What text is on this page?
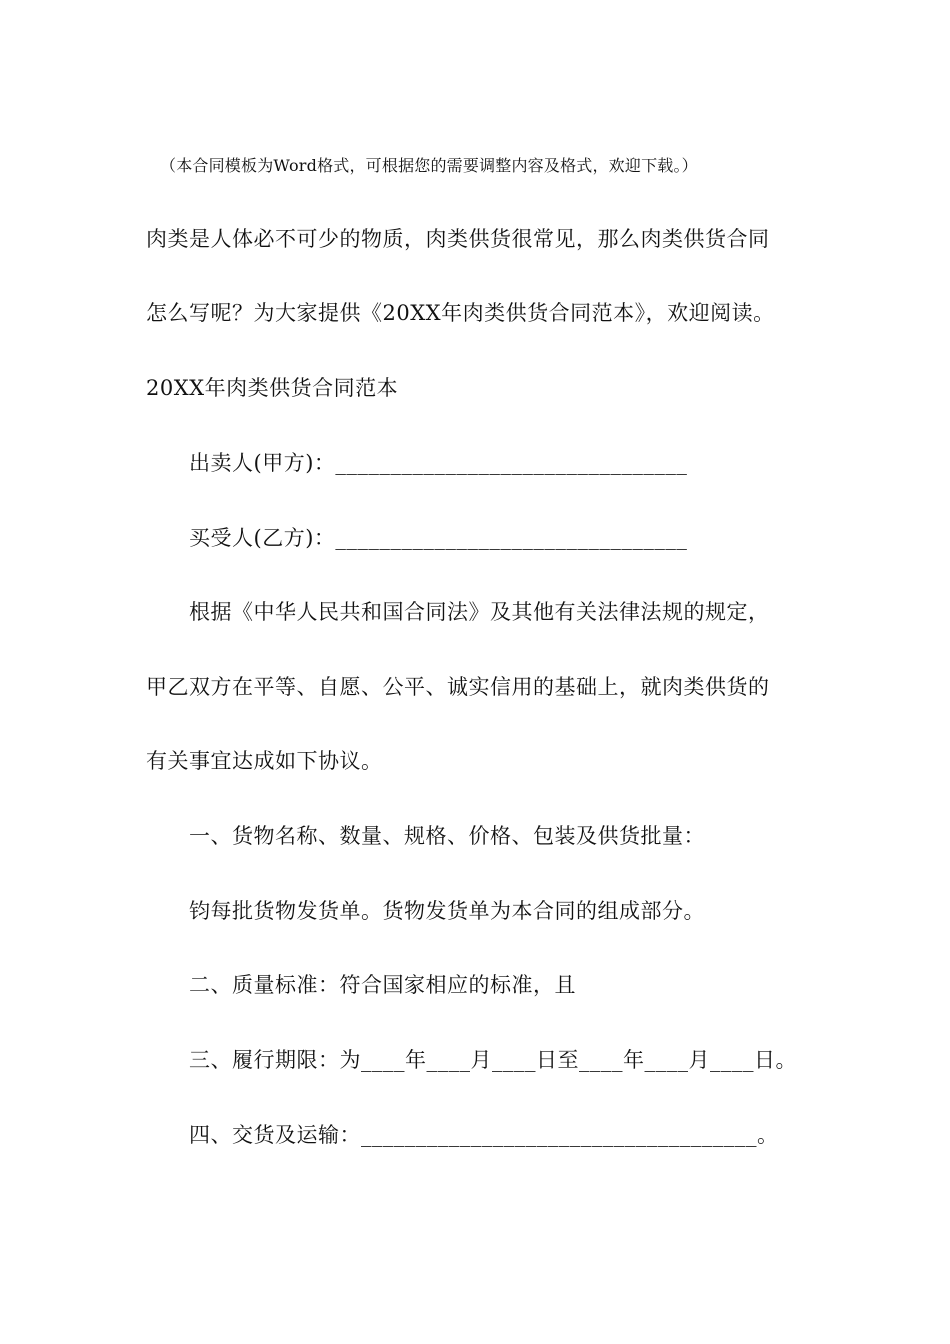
（本合同模板为Word格式，可根据您的需要调整内容及格式，欢迎下载。）
肉类是人体必不可少的物质，肉类供货很常见，那么肉类供货合同
怎么写呢？为大家提供《20XX年肉类供货合同范本》，欢迎阅读。
20XX年肉类供货合同范本
出卖人(甲方)：________________________________
买受人(乙方)：________________________________
根据《中华人民共和国合同法》及其他有关法律法规的规定，
甲乙双方在平等、自愿、公平、诚实信用的基础上，就肉类供货的
有关事宜达成如下协议。
一、货物名称、数量、规格、价格、包装及供货批量：
钧每批货物发货单。货物发货单为本合同的组成部分。
二、质量标准：符合国家相应的标准，且
三、履行期限：为____年____月____日至____年____月____日。
四、交货及运输：____________________________________。
